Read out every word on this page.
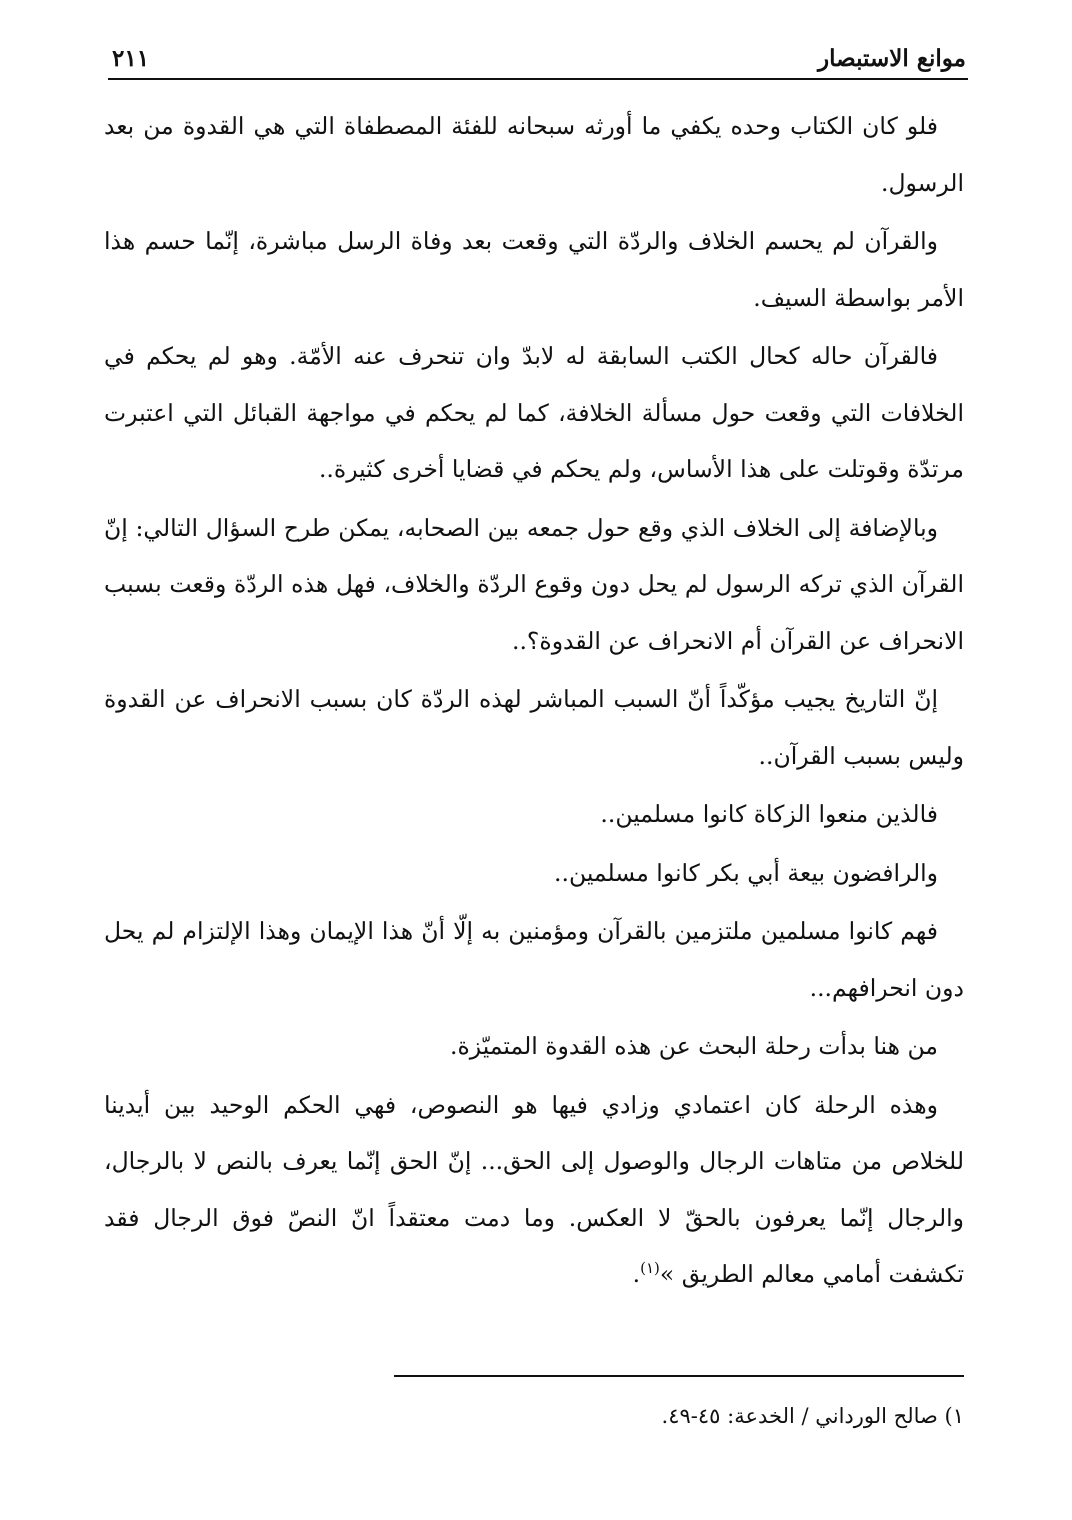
موانع الاستبصار
٢١١

فلو كان الكتاب وحده يكفي ما أورثه سبحانه للفئة المصطفاة التي هي القدوة من بعد الرسول.

والقرآن لم يحسم الخلاف والردّة التي وقعت بعد وفاة الرسل مباشرة، إنّما حسم هذا الأمر بواسطة السيف.

فالقرآن حاله كحال الكتب السابقة له لابدّ وان تنحرف عنه الأمّة. وهو لم يحكم في الخلافات التي وقعت حول مسألة الخلافة، كما لم يحكم في مواجهة القبائل التي اعتبرت مرتدّة وقوتلت على هذا الأساس، ولم يحكم في قضايا أخرى كثيرة..

وبالإضافة إلى الخلاف الذي وقع حول جمعه بين الصحابه، يمكن طرح السؤال التالي: إنّ القرآن الذي تركه الرسول لم يحل دون وقوع الردّة والخلاف، فهل هذه الردّة وقعت بسبب الانحراف عن القرآن أم الانحراف عن القدوة؟..

إنّ التاريخ يجيب مؤكّداً أنّ السبب المباشر لهذه الردّة كان بسبب الانحراف عن القدوة وليس بسبب القرآن..

فالذين منعوا الزكاة كانوا مسلمين..

والرافضون بيعة أبي بكر كانوا مسلمين..

فهم كانوا مسلمين ملتزمين بالقرآن ومؤمنين به إلّا أنّ هذا الإيمان وهذا الإلتزام لم يحل دون انحرافهم...

من هنا بدأت رحلة البحث عن هذه القدوة المتميّزة.

وهذه الرحلة كان اعتمادي وزادي فيها هو النصوص، فهي الحكم الوحيد بين أيدينا للخلاص من متاهات الرجال والوصول إلى الحق... إنّ الحق إنّما يعرف بالنص لا بالرجال، والرجال إنّما يعرفون بالحقّ لا العكس. وما دمت معتقداً انّ النصّ فوق الرجال فقد تكشفت أمامي معالم الطريق »$^{(١)}$.

١) صالح الورداني / الخدعة: ٤٥-٤٩.
